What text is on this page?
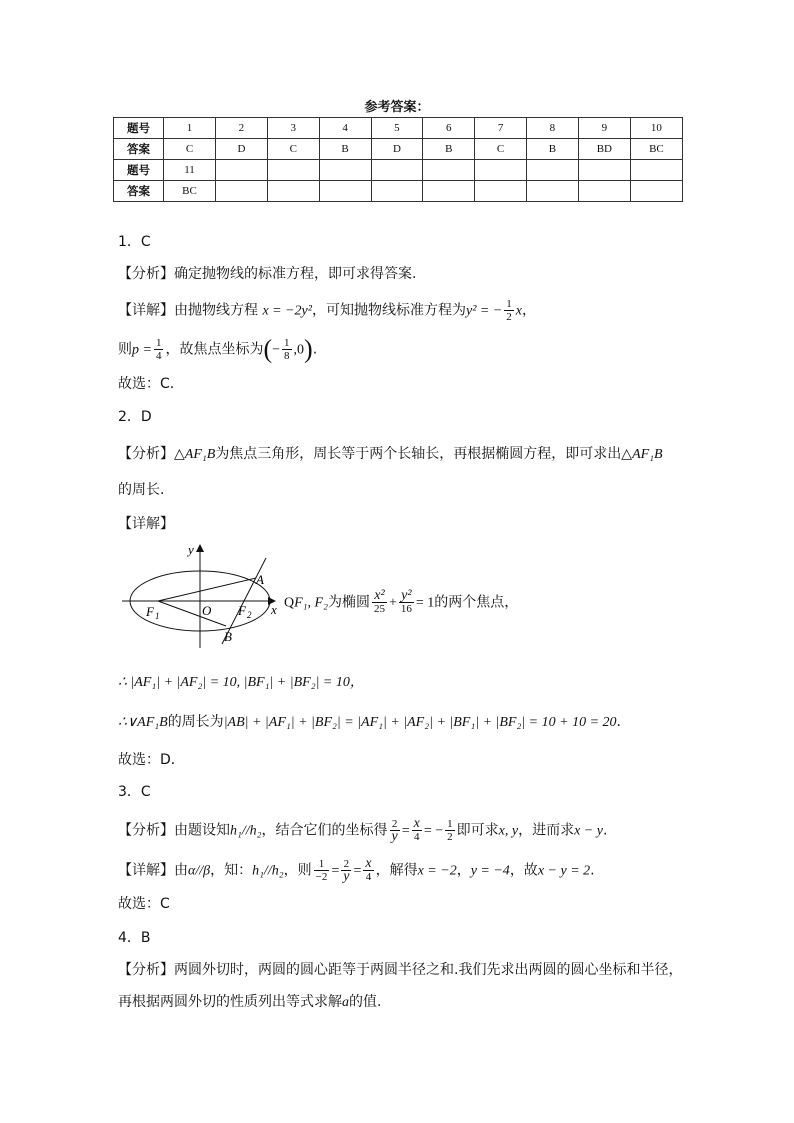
参考答案：
题号	1	2	3	4	5	6	7	8	9	10
答案	C	D	C	B	D	B	C	B	BD	BC
题号	11									
答案	BC									
1．C
【分析】确定抛物线的标准方程，即可求得答案.
【详解】由抛物线方程 x = −2y²，可知抛物线标准方程为y² = − $\frac{1}{2}$ x，
则$p = \frac{1}{4}$ ，故焦点坐标为(− $\frac{1}{8} ,0$).
故选：C.
2．D
【分析】△AF₁B为焦点三角形，周长等于两个长轴长，再根据椭圆方程，即可求出△AF₁B
的周长.
【详解】
y
x
A
B
F 1	F 2
O	QF₁, F₂为椭圆 $\frac{\text{x²}}{25} + \frac{\text{y²}}{16} = 1$的两个焦点，
∴ |AF₁| + |AF₂| = 10, |BF₁| + |BF₂| = 10，
∴∨AF₁B的周长为|AB| + |AF₁| + |BF₂| = |AF₁| + |AF₂| + |BF₁| + |BF₂| = 10 + 10 = 20．
故选：D．
3．C
【分析】由题设知h₁//h₂，结合它们的坐标得 $\frac{2}{y} = \frac{x}{4}$ = − $\frac{1}{2}$ 即可求x, y，进而求x − y.
【详解】由α//β，知：h₁//h₂，则 $\frac{1}{-2} = \frac{2}{y} = \frac{x}{4}$ ，解得x = −2，y = −4，故x − y = 2.
故选：C
4．B
【分析】两圆外切时，两圆的圆心距等于两圆半径之和.我们先求出两圆的圆心坐标和半径，
再根据两圆外切的性质列出等式求解a的值.
